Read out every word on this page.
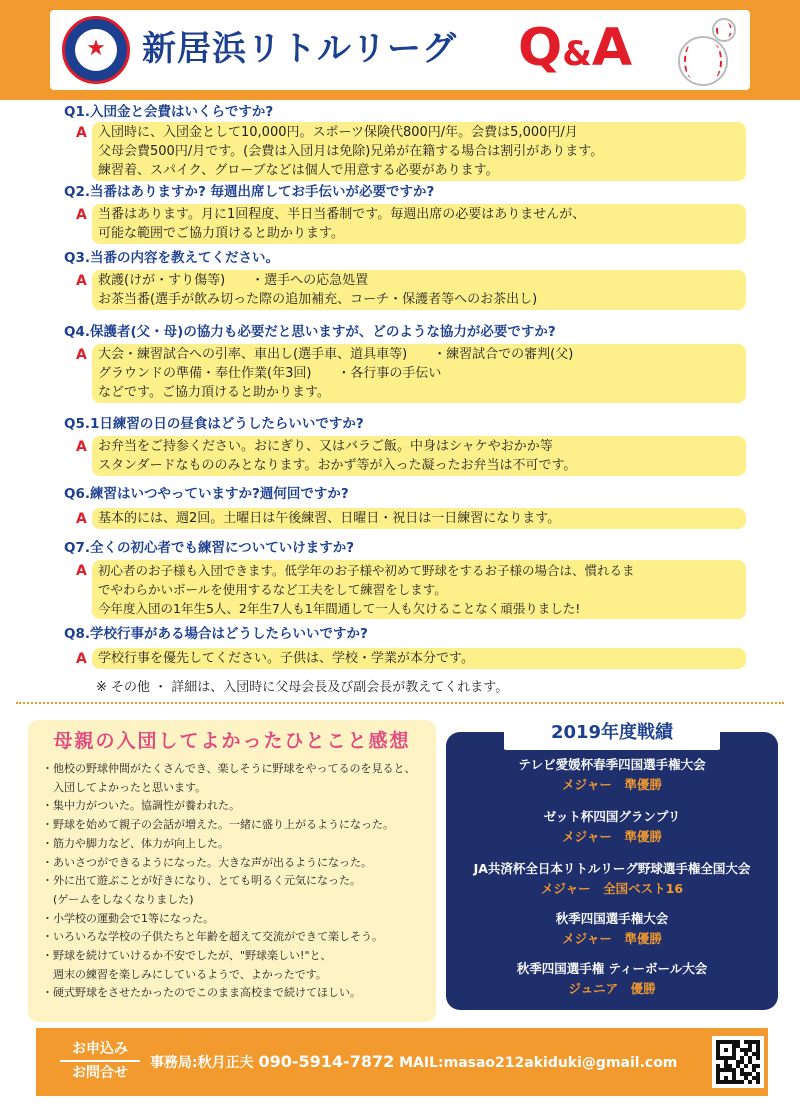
★	新居浜リトルリーグ Q&A
Q1.入団金と会費はいくらですか?
A 入団時に、入団金として10,000円。スポーツ保険代800円/年。会費は5,000円/月
父母会費500円/月です。(会費は入団月は免除)兄弟が在籍する場合は割引があります。
練習着、スパイク、グローブなどは個人で用意する必要があります。
Q2.当番はありますか? 毎週出席してお手伝いが必要ですか?
A 当番はあります。月に1回程度、半日当番制です。毎週出席の必要はありませんが、
可能な範囲でご協力頂けると助かります。
Q3.当番の内容を教えてください。
A 救護(けが・すり傷等)　　・選手への応急処置
お茶当番(選手が飲み切った際の追加補充、コーチ・保護者等へのお茶出し)
Q4.保護者(父・母)の協力も必要だと思いますが、どのような協力が必要ですか?
A 大会・練習試合への引率、車出し(選手車、道具車等)　　・練習試合での審判(父)
グラウンドの準備・奉仕作業(年3回)　　・各行事の手伝い
などです。ご協力頂けると助かります。
Q5.1日練習の日の昼食はどうしたらいいですか?
A お弁当をご持参ください。おにぎり、又はバラご飯。中身はシャケやおかか等
スタンダードなもののみとなります。おかず等が入った凝ったお弁当は不可です。
Q6.練習はいつやっていますか?週何回ですか?
A 基本的には、週2回。土曜日は午後練習、日曜日・祝日は一日練習になります。
Q7.全くの初心者でも練習についていけますか?
A 初心者のお子様も入団できます。低学年のお子様や初めて野球をするお子様の場合は、慣れるま
でやわらかいボールを使用するなど工夫をして練習をします。
今年度入団の1年生5人、2年生7人も1年間通して一人も欠けることなく頑張りました!
Q8.学校行事がある場合はどうしたらいいですか?
A 学校行事を優先してください。子供は、学校・学業が本分です。
※ その他 ・ 詳細は、入団時に父母会長及び副会長が教えてくれます。
母親の入団してよかったひとこと感想
・他校の野球仲間がたくさんでき、楽しそうに野球をやってるのを見ると、
　入団してよかったと思います。
・集中力がついた。協調性が養われた。
・野球を始めて親子の会話が増えた。一緒に盛り上がるようになった。
・筋力や脚力など、体力が向上した。
・あいさつができるようになった。大きな声が出るようになった。
・外に出て遊ぶことが好きになり、とても明るく元気になった。
　(ゲームをしなくなりました)
・小学校の運動会で1等になった。
・いろいろな学校の子供たちと年齢を超えて交流ができて楽しそう。
・野球を続けていけるか不安でしたが、"野球楽しい!"と、
　週末の練習を楽しみにしているようで、よかったです。
・硬式野球をさせたかったのでこのまま高校まで続けてほしい。
2019年度戦績
テレビ愛媛杯春季四国選手権大会
メジャー　準優勝
ゼット杯四国グランプリ
メジャー　準優勝
JA共済杯全日本リトルリーグ野球選手権全国大会
メジャー　全国ベスト16
秋季四国選手権大会
メジャー　準優勝
秋季四国選手権 ティーボール大会
ジュニア　優勝
お申込み
お問合せ
事務局:秋月正夫 090-5914-7872 MAIL:masao212akiduki@gmail.com
